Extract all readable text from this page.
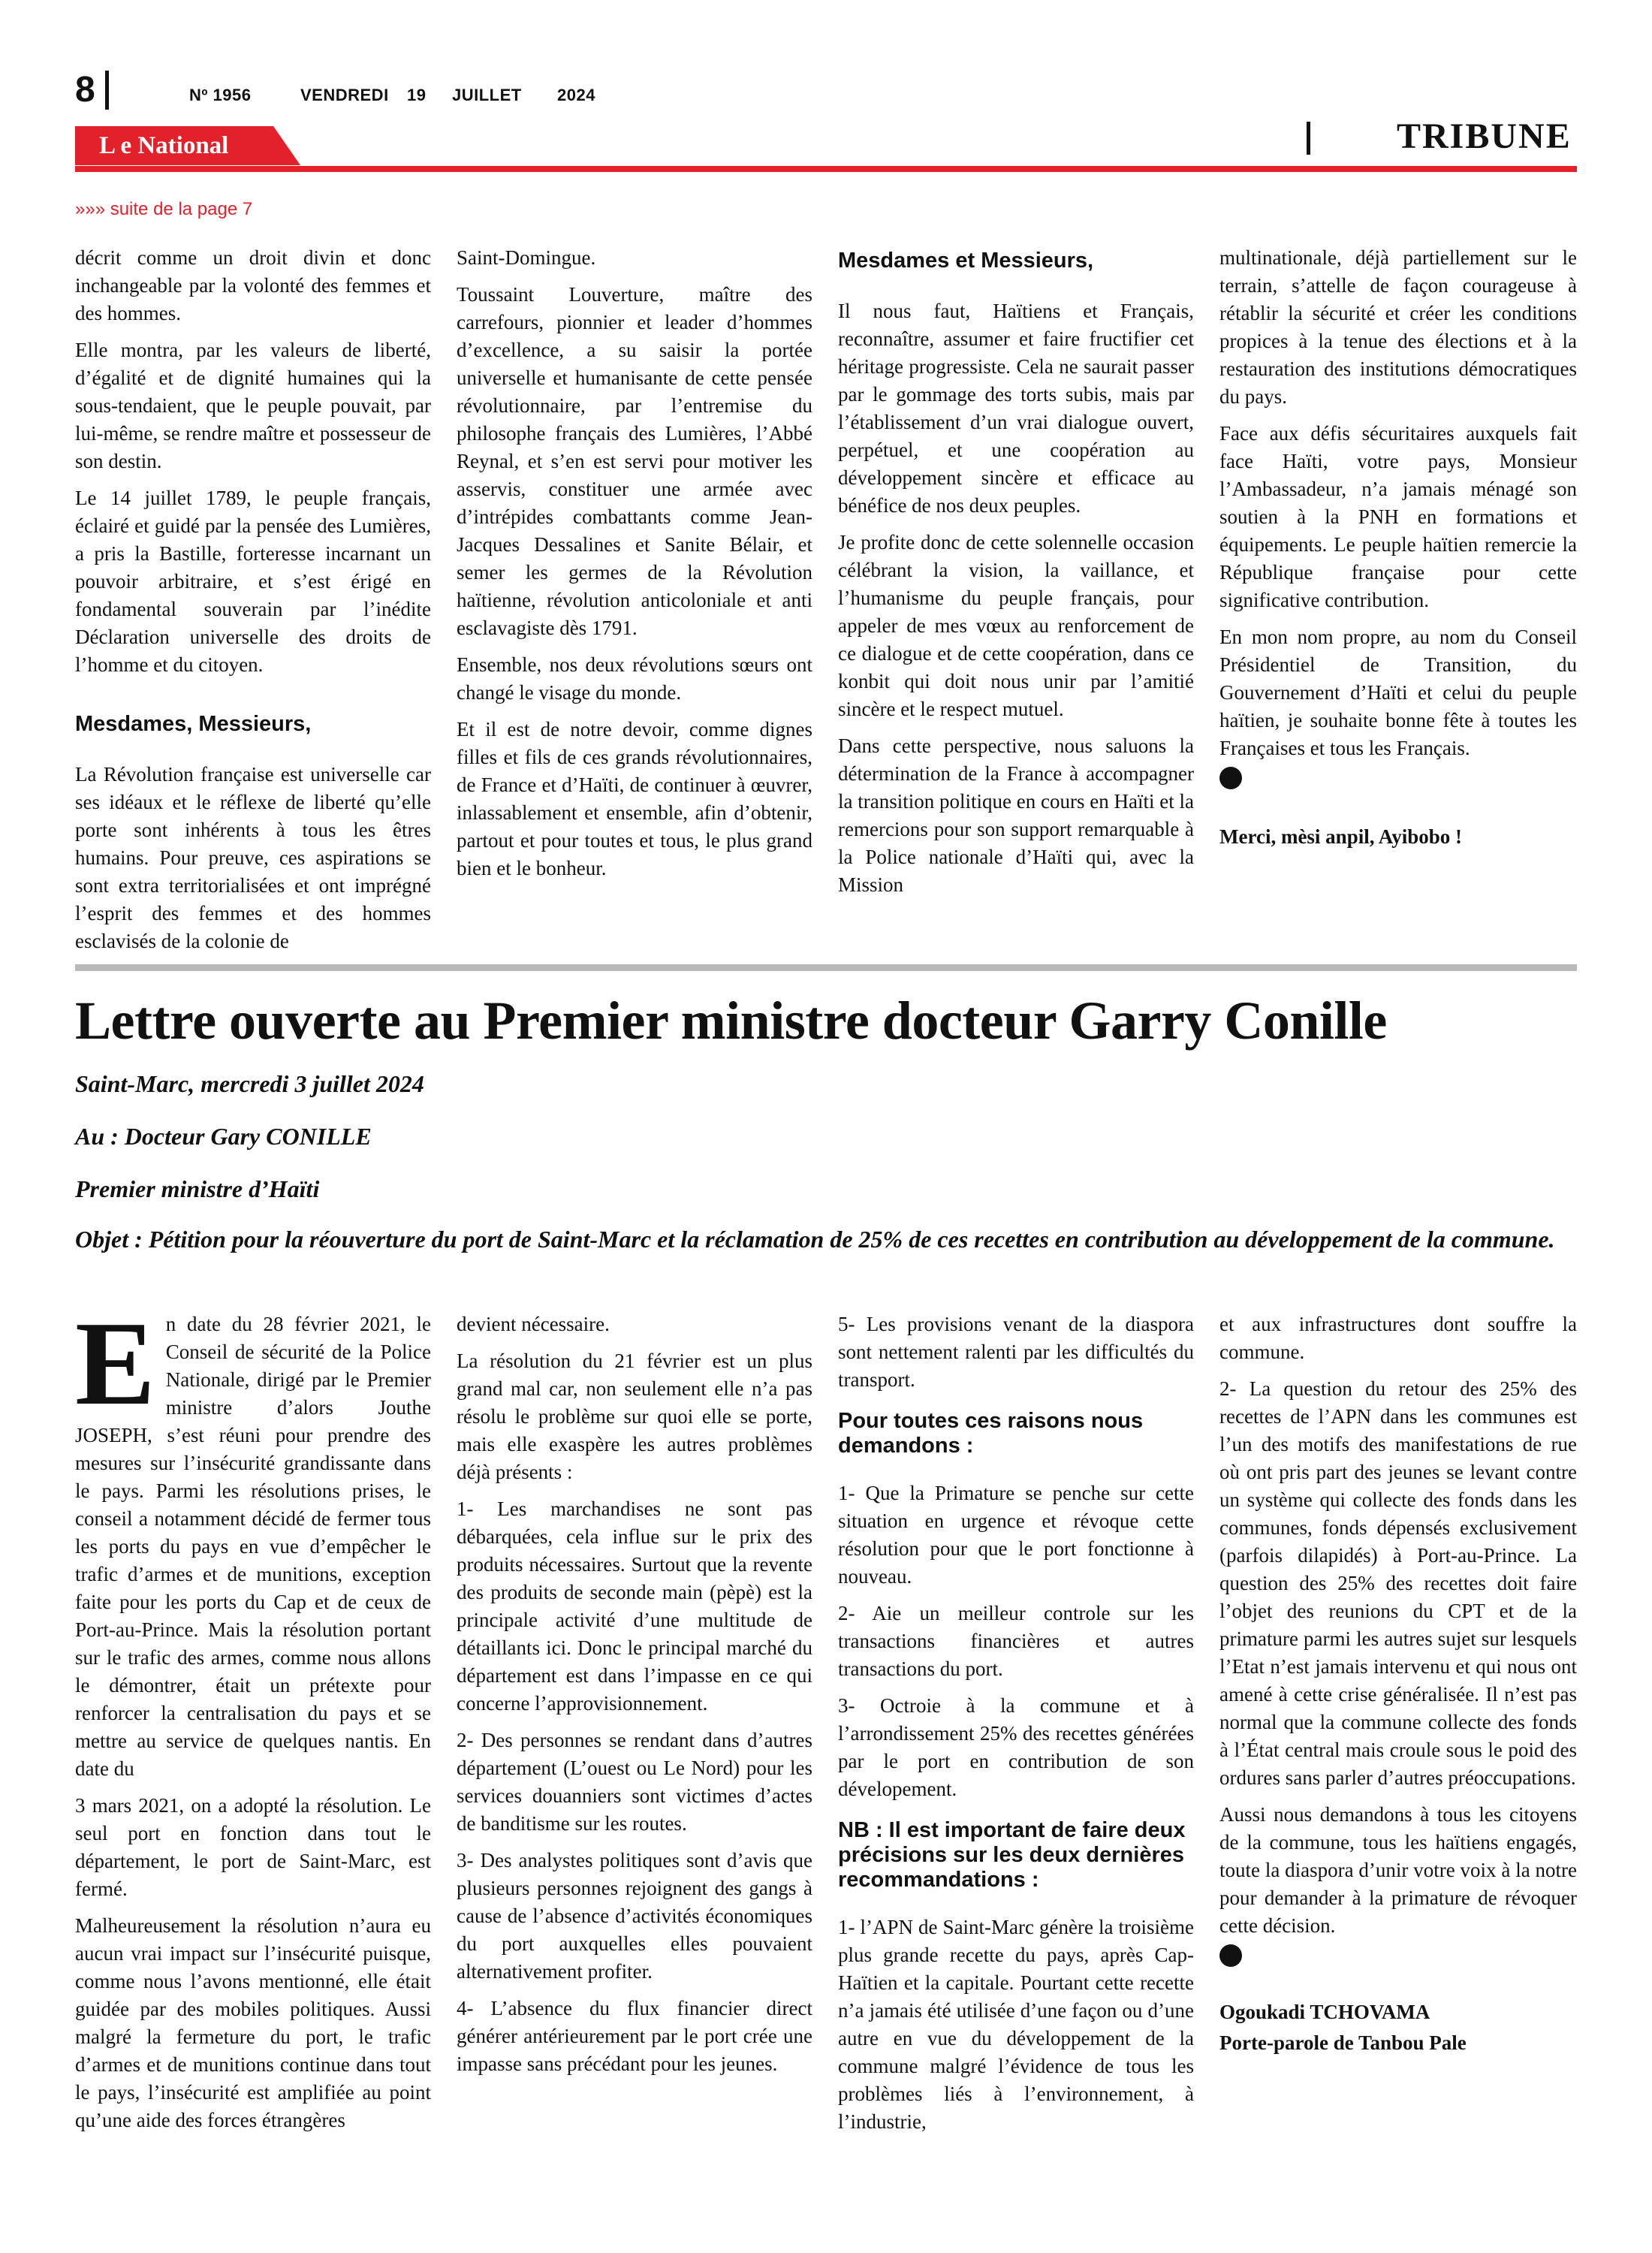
8	Nº 1956	VENDREDI 19 JUILLET 2024
L e National	TRIBUNE
»»» suite de la page 7

décrit comme un droit divin et donc inchangeable par la volonté des femmes et des hommes.

Elle montra, par les valeurs de liberté, d’égalité et de dignité humaines qui la sous-tendaient, que le peuple pouvait, par lui-même, se rendre maître et possesseur de son destin.

Le 14 juillet 1789, le peuple français, éclairé et guidé par la pensée des Lumières, a pris la Bastille, forteresse incarnant un pouvoir arbitraire, et s’est érigé en fondamental souverain par l’inédite Déclaration universelle des droits de l’homme et du citoyen.

Mesdames, Messieurs,

La Révolution française est universelle car ses idéaux et le réflexe de liberté qu’elle porte sont inhérents à tous les êtres humains. Pour preuve, ces aspirations se sont extra territorialisées et ont imprégné l’esprit des femmes et des hommes esclavisés de la colonie de

Saint-Domingue.

Toussaint Louverture, maître des carrefours, pionnier et leader d’hommes d’excellence, a su saisir la portée universelle et humanisante de cette pensée révolutionnaire, par l’entremise du philosophe français des Lumières, l’Abbé Reynal, et s’en est servi pour motiver les asservis, constituer une armée avec d’intrépides combattants comme Jean-Jacques Dessalines et Sanite Bélair, et semer les germes de la Révolution haïtienne, révolution anticoloniale et anti esclavagiste dès 1791.

Ensemble, nos deux révolutions sœurs ont changé le visage du monde.

Et il est de notre devoir, comme dignes filles et fils de ces grands révolutionnaires, de France et d’Haïti, de continuer à œuvrer, inlassablement et ensemble, afin d’obtenir, partout et pour toutes et tous, le plus grand bien et le bonheur.

Mesdames et Messieurs,

Il nous faut, Haïtiens et Français, reconnaître, assumer et faire fructifier cet héritage progressiste. Cela ne saurait passer par le gommage des torts subis, mais par l’établissement d’un vrai dialogue ouvert, perpétuel, et une coopération au développement sincère et efficace au bénéfice de nos deux peuples.

Je profite donc de cette solennelle occasion célébrant la vision, la vaillance, et l’humanisme du peuple français, pour appeler de mes vœux au renforcement de ce dialogue et de cette coopération, dans ce konbit qui doit nous unir par l’amitié sincère et le respect mutuel.

Dans cette perspective, nous saluons la détermination de la France à accompagner la transition politique en cours en Haïti et la remercions pour son support remarquable à la Police nationale d’Haïti qui, avec la Mission

multinationale, déjà partiellement sur le terrain, s’attelle de façon courageuse à rétablir la sécurité et créer les conditions propices à la tenue des élections et à la restauration des institutions démocratiques du pays.

Face aux défis sécuritaires auxquels fait face Haïti, votre pays, Monsieur l’Ambassadeur, n’a jamais ménagé son soutien à la PNH en formations et équipements. Le peuple haïtien remercie la République française pour cette significative contribution.

En mon nom propre, au nom du Conseil Présidentiel de Transition, du Gouvernement d’Haïti et celui du peuple haïtien, je souhaite bonne fête à toutes les Françaises et tous les Français.

Merci, mèsi anpil, Ayibobo !

Lettre ouverte au Premier ministre docteur Garry Conille
Saint-Marc, mercredi 3 juillet 2024
Au : Docteur Gary CONILLE
Premier ministre d’Haïti
Objet : Pétition pour la réouverture du port de Saint-Marc et la réclamation de 25% de ces recettes en contribution au développement de la commune.

E n date du 28 février 2021, le Conseil de sécurité de la Police Nationale, dirigé par le Premier ministre d’alors Jouthe JOSEPH, s’est réuni pour prendre des mesures sur l’insécurité grandissante dans le pays. Parmi les résolutions prises, le conseil a notamment décidé de fermer tous les ports du pays en vue d’empêcher le trafic d’armes et de munitions, exception faite pour les ports du Cap et de ceux de Port-au-Prince. Mais la résolution portant sur le trafic des armes, comme nous allons le démontrer, était un prétexte pour renforcer la centralisation du pays et se mettre au service de quelques nantis. En date du

3 mars 2021, on a adopté la résolution. Le seul port en fonction dans tout le département, le port de Saint-Marc, est fermé.

Malheureusement la résolution n’aura eu aucun vrai impact sur l’insécurité puisque, comme nous l’avons mentionné, elle était guidée par des mobiles politiques. Aussi malgré la fermeture du port, le trafic d’armes et de munitions continue dans tout le pays, l’insécurité est amplifiée au point qu’une aide des forces étrangères

devient nécessaire.

La résolution du 21 février est un plus grand mal car, non seulement elle n’a pas résolu le problème sur quoi elle se porte, mais elle exaspère les autres problèmes déjà présents :

1- Les marchandises ne sont pas débarquées, cela influe sur le prix des produits nécessaires. Surtout que la revente des produits de seconde main (pèpè) est la principale activité d’une multitude de détaillants ici. Donc le principal marché du département est dans l’impasse en ce qui concerne l’approvisionnement.

2- Des personnes se rendant dans d’autres département (L’ouest ou Le Nord) pour les services douanniers sont victimes d’actes de banditisme sur les routes.

3- Des analystes politiques sont d’avis que plusieurs personnes rejoignent des gangs à cause de l’absence d’activités économiques du port auxquelles elles pouvaient alternativement profiter.

4- L’absence du flux financier direct générer antérieurement par le port crée une impasse sans précédant pour les jeunes.

5- Les provisions venant de la diaspora sont nettement ralenti par les difficultés du transport.

Pour toutes ces raisons nous demandons :

1- Que la Primature se penche sur cette situation en urgence et révoque cette résolution pour que le port fonctionne à nouveau.

2- Aie un meilleur controle sur les transactions financières et autres transactions du port.

3- Octroie à la commune et à l’arrondissement 25% des recettes générées par le port en contribution de son dévelopement.

NB : Il est important de faire deux précisions sur les deux dernières recommandations :

1- l’APN de Saint-Marc génère la troisième plus grande recette du pays, après Cap-Haïtien et la capitale. Pourtant cette recette n’a jamais été utilisée d’une façon ou d’une autre en vue du développement de la commune malgré l’évidence de tous les problèmes liés à l’environnement, à l’industrie,

et aux infrastructures dont souffre la commune.

2- La question du retour des 25% des recettes de l’APN dans les communes est l’un des motifs des manifestations de rue où ont pris part des jeunes se levant contre un système qui collecte des fonds dans les communes, fonds dépensés exclusivement (parfois dilapidés) à Port-au-Prince. La question des 25% des recettes doit faire l’objet des reunions du CPT et de la primature parmi les autres sujet sur lesquels l’Etat n’est jamais intervenu et qui nous ont amené à cette crise généralisée. Il n’est pas normal que la commune collecte des fonds à l’État central mais croule sous le poid des ordures sans parler d’autres préoccupations.

Aussi nous demandons à tous les citoyens de la commune, tous les haïtiens engagés, toute la diaspora d’unir votre voix à la notre pour demander à la primature de révoquer cette décision.

Ogoukadi TCHOVAMA

Porte-parole de Tanbou Pale
